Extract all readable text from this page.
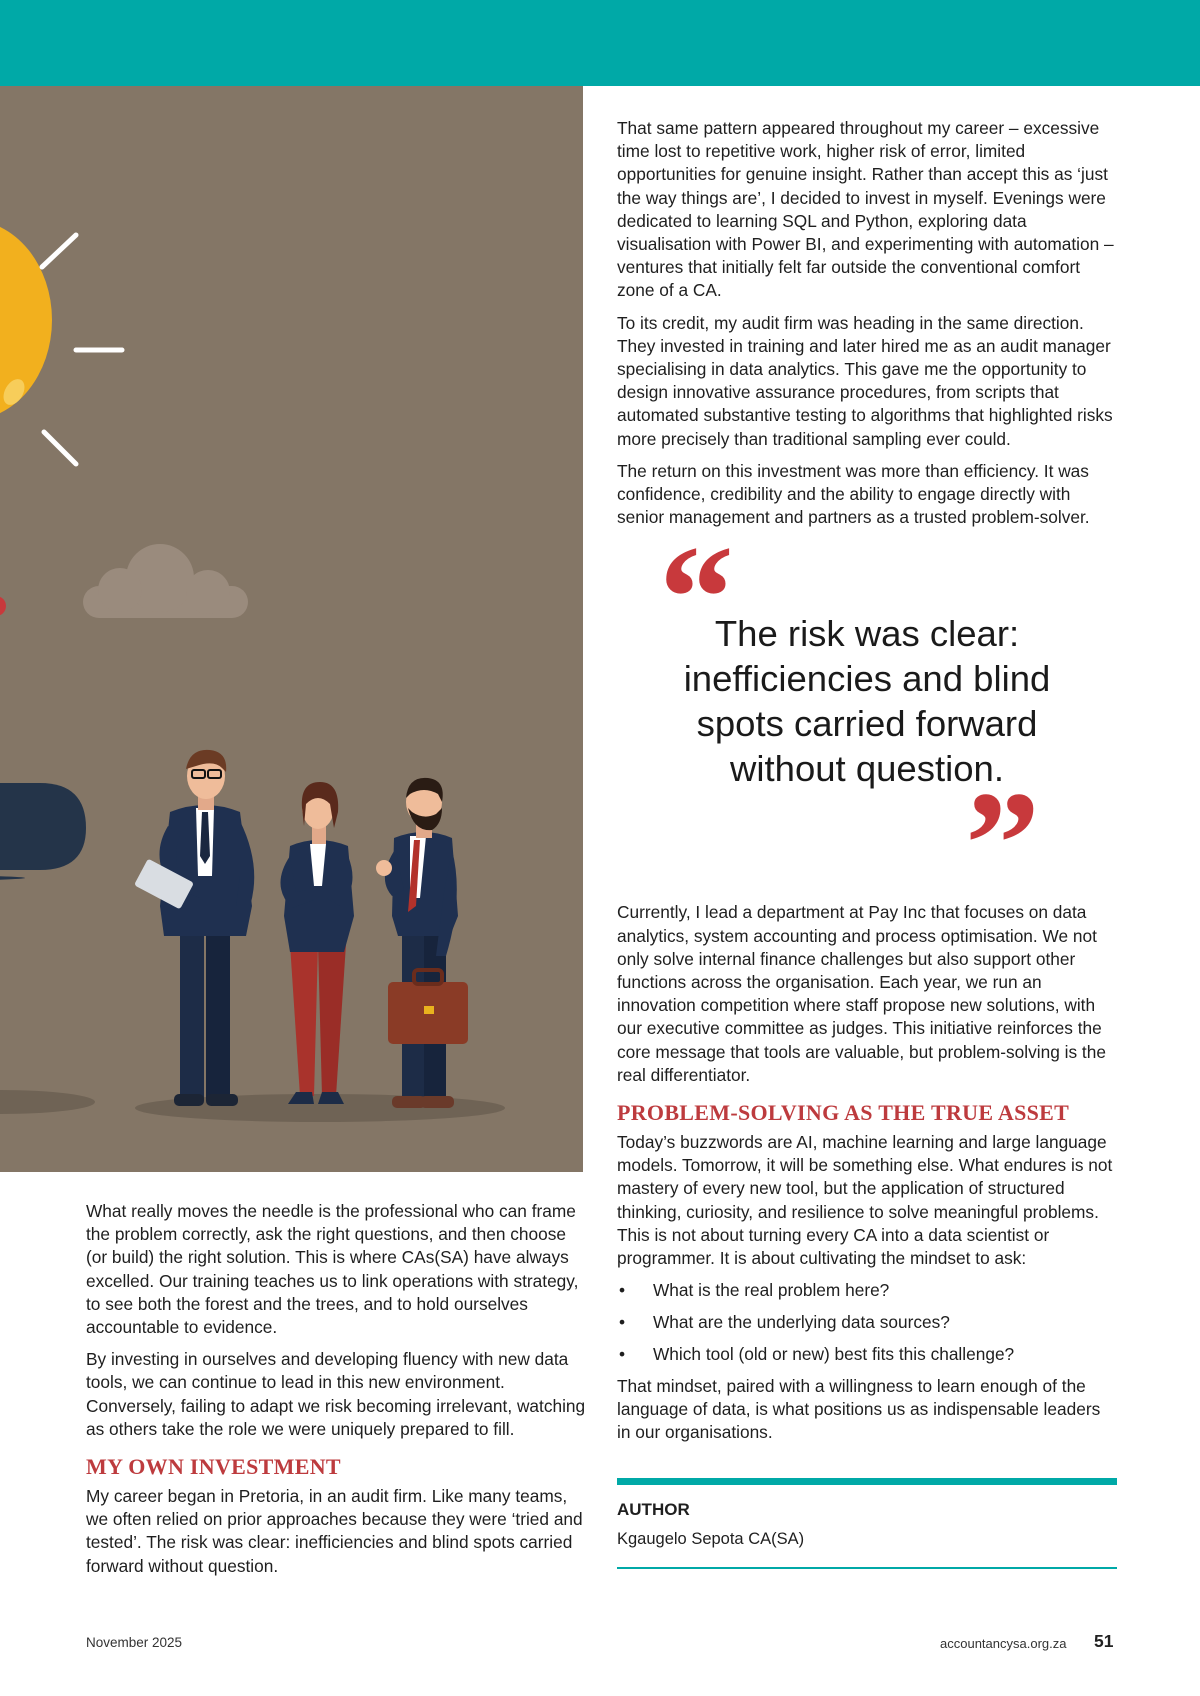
What really moves the needle is the professional who can frame the problem correctly, ask the right questions, and then choose (or build) the right solution. This is where CAs(SA) have always excelled. Our training teaches us to link operations with strategy, to see both the forest and the trees, and to hold ourselves accountable to evidence.

By investing in ourselves and developing fluency with new data tools, we can continue to lead in this new environment. Conversely, failing to adapt we risk becoming irrelevant, watching as others take the role we were uniquely prepared to fill.

MY OWN INVESTMENT

My career began in Pretoria, in an audit firm. Like many teams, we often relied on prior approaches because they were ‘tried and tested’. The risk was clear: inefficiencies and blind spots carried forward without question.

That same pattern appeared throughout my career – excessive time lost to repetitive work, higher risk of error, limited opportunities for genuine insight. Rather than accept this as ‘just the way things are’, I decided to invest in myself. Evenings were dedicated to learning SQL and Python, exploring data visualisation with Power BI, and experimenting with automation – ventures that initially felt far outside the conventional comfort zone of a CA.

To its credit, my audit firm was heading in the same direction. They invested in training and later hired me as an audit manager specialising in data analytics. This gave me the opportunity to design innovative assurance procedures, from scripts that automated substantive testing to algorithms that highlighted risks more precisely than traditional sampling ever could.

The return on this investment was more than efficiency. It was confidence, credibility and the ability to engage directly with senior management and partners as a trusted problem-solver.

“
The risk was clear: inefficiencies and blind spots carried forward without question.
”

Currently, I lead a department at Pay Inc that focuses on data analytics, system accounting and process optimisation. We not only solve internal finance challenges but also support other functions across the organisation. Each year, we run an innovation competition where staff propose new solutions, with our executive committee as judges. This initiative reinforces the core message that tools are valuable, but problem-solving is the real differentiator.

PROBLEM-SOLVING AS THE TRUE ASSET

Today’s buzzwords are AI, machine learning and large language models. Tomorrow, it will be something else. What endures is not mastery of every new tool, but the application of structured thinking, curiosity, and resilience to solve meaningful problems. This is not about turning every CA into a data scientist or programmer. It is about cultivating the mindset to ask:

• What is the real problem here?
• What are the underlying data sources?
• Which tool (old or new) best fits this challenge?

That mindset, paired with a willingness to learn enough of the language of data, is what positions us as indispensable leaders in our organisations.

AUTHOR
Kgaugelo Sepota CA(SA)
November 2025	accountancysa.org.za 51
